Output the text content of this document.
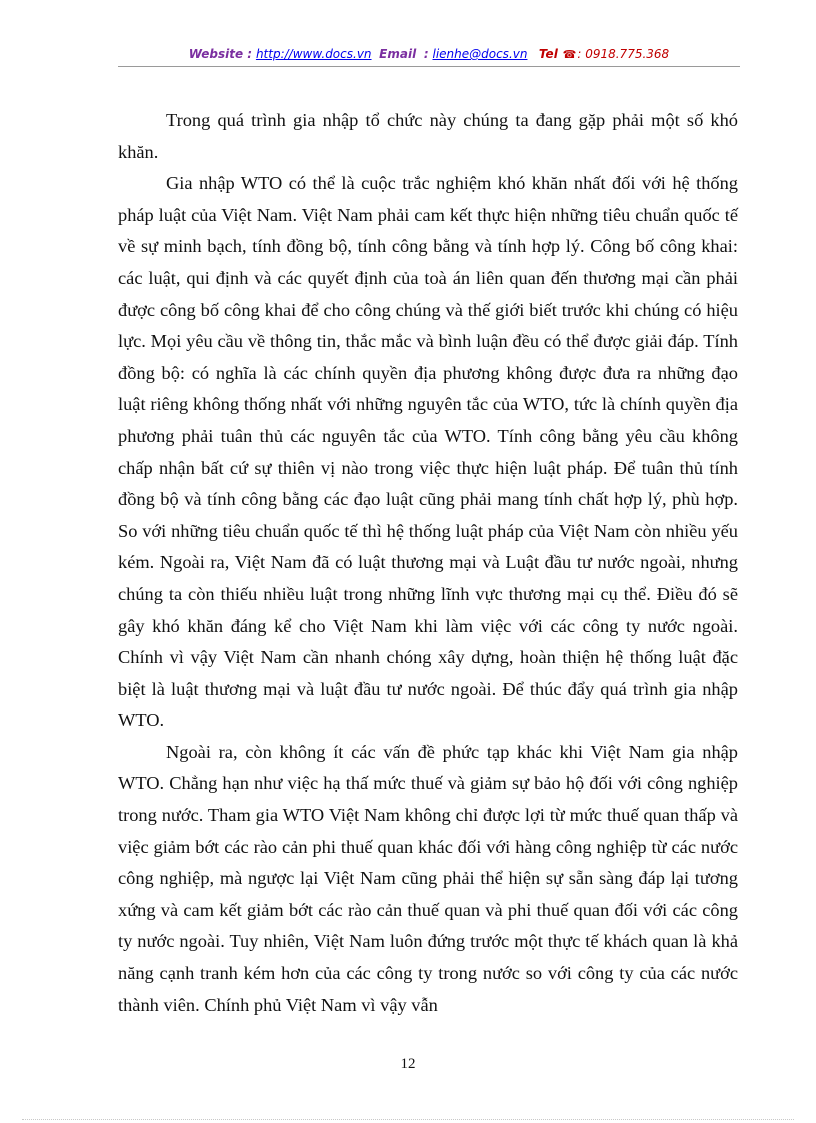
Website : http://www.docs.vn Email : lienhe@docs.vn Tel ☎: 0918.775.368

Trong quá trình gia nhập tổ chức này chúng ta đang gặp phải một số khó khăn.

Gia nhập WTO có thể là cuộc trắc nghiệm khó khăn nhất đối với hệ thống pháp luật của Việt Nam. Việt Nam phải cam kết thực hiện những tiêu chuẩn quốc tế về sự minh bạch, tính đồng bộ, tính công bằng và tính hợp lý. Công bố công khai: các luật, qui định và các quyết định của toà án liên quan đến thương mại cần phải được công bố công khai để cho công chúng và thế giới biết trước khi chúng có hiệu lực. Mọi yêu cầu về thông tin, thắc mắc và bình luận đều có thể được giải đáp. Tính đồng bộ: có nghĩa là các chính quyền địa phương không được đưa ra những đạo luật riêng không thống nhất với những nguyên tắc của WTO, tức là chính quyền địa phương phải tuân thủ các nguyên tắc của WTO. Tính công bằng yêu cầu không chấp nhận bất cứ sự thiên vị nào trong việc thực hiện luật pháp. Để tuân thủ tính đồng bộ và tính công bằng các đạo luật cũng phải mang tính chất hợp lý, phù hợp. So với những tiêu chuẩn quốc tế thì hệ thống luật pháp của Việt Nam còn nhiều yếu kém. Ngoài ra, Việt Nam đã có luật thương mại và Luật đầu tư nước ngoài, nhưng chúng ta còn thiếu nhiều luật trong những lĩnh vực thương mại cụ thể. Điều đó sẽ gây khó khăn đáng kể cho Việt Nam khi làm việc với các công ty nước ngoài. Chính vì vậy Việt Nam cần nhanh chóng xây dựng, hoàn thiện hệ thống luật đặc biệt là luật thương mại và luật đầu tư nước ngoài. Để thúc đẩy quá trình gia nhập WTO.

Ngoài ra, còn không ít các vấn đề phức tạp khác khi Việt Nam gia nhập WTO. Chẳng hạn như việc hạ thấ mức thuế và giảm sự bảo hộ đối với công nghiệp trong nước. Tham gia WTO Việt Nam không chỉ được lợi từ mức thuế quan thấp và việc giảm bớt các rào cản phi thuế quan khác đối với hàng công nghiệp từ các nước công nghiệp, mà ngược lại Việt Nam cũng phải thể hiện sự sẵn sàng đáp lại tương xứng và cam kết giảm bớt các rào cản thuế quan và phi thuế quan đối với các công ty nước ngoài. Tuy nhiên, Việt Nam luôn đứng trước một thực tế khách quan là khả năng cạnh tranh kém hơn của các công ty trong nước so với công ty của các nước thành viên. Chính phủ Việt Nam vì vậy vẫn

12
